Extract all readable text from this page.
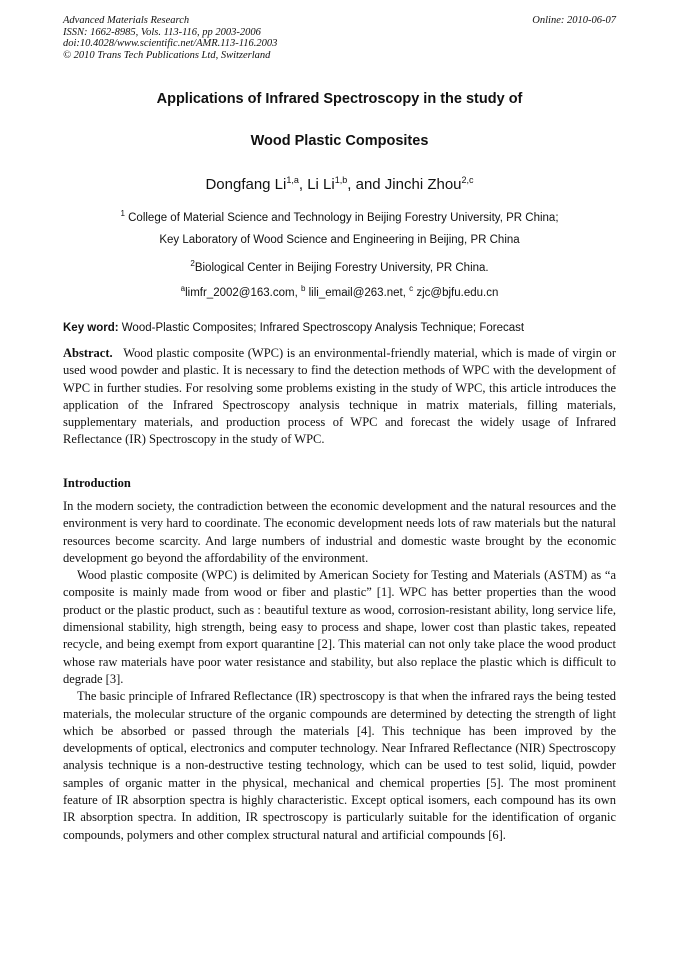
Advanced Materials Research
ISSN: 1662-8985, Vols. 113-116, pp 2003-2006
doi:10.4028/www.scientific.net/AMR.113-116.2003
© 2010 Trans Tech Publications Ltd, Switzerland
Online: 2010-06-07
Applications of Infrared Spectroscopy in the study of
Wood Plastic Composites
Dongfang Li$^{1,a}$, Li Li$^{1,b}$, and Jinchi Zhou$^{2,c}$
$^1$ College of Material Science and Technology in Beijing Forestry University, PR China;
Key Laboratory of Wood Science and Engineering in Beijing, PR China
$^2$Biological Center in Beijing Forestry University, PR China.
$^a$limfr_2002@163.com, $^b$ lili_email@263.net, $^c$ zjc@bjfu.edu.cn
Key word: Wood-Plastic Composites; Infrared Spectroscopy Analysis Technique; Forecast
Abstract.   Wood plastic composite (WPC) is an environmental-friendly material, which is made of virgin or used wood powder and plastic. It is necessary to find the detection methods of WPC with the development of WPC in further studies. For resolving some problems existing in the study of WPC, this article introduces the application of the Infrared Spectroscopy analysis technique in matrix materials, filling materials, supplementary materials, and production process of WPC and forecast the widely usage of Infrared Reflectance (IR) Spectroscopy in the study of WPC.
Introduction

In the modern society, the contradiction between the economic development and the natural resources and the environment is very hard to coordinate. The economic development needs lots of raw materials but the natural resources become scarcity. And large numbers of industrial and domestic waste brought by the economic development go beyond the affordability of the environment.

Wood plastic composite (WPC) is delimited by American Society for Testing and Materials (ASTM) as “a composite is mainly made from wood or fiber and plastic” [1]. WPC has better properties than the wood product or the plastic product, such as : beautiful texture as wood, corrosion-resistant ability, long service life, dimensional stability, high strength, being easy to process and shape, lower cost than plastic takes, repeated recycle, and being exempt from export quarantine [2]. This material can not only take place the wood product whose raw materials have poor water resistance and stability, but also replace the plastic which is difficult to degrade [3].

The basic principle of Infrared Reflectance (IR) spectroscopy is that when the infrared rays the being tested materials, the molecular structure of the organic compounds are determined by detecting the strength of light which be absorbed or passed through the materials [4]. This technique has been improved by the developments of optical, electronics and computer technology. Near Infrared Reflectance (NIR) Spectroscopy analysis technique is a non-destructive testing technology, which can be used to test solid, liquid, powder samples of organic matter in the physical, mechanical and chemical properties [5]. The most prominent feature of IR absorption spectra is highly characteristic. Except optical isomers, each compound has its own IR absorption spectra. In addition, IR spectroscopy is particularly suitable for the identification of organic compounds, polymers and other complex structural natural and artificial compounds [6].
